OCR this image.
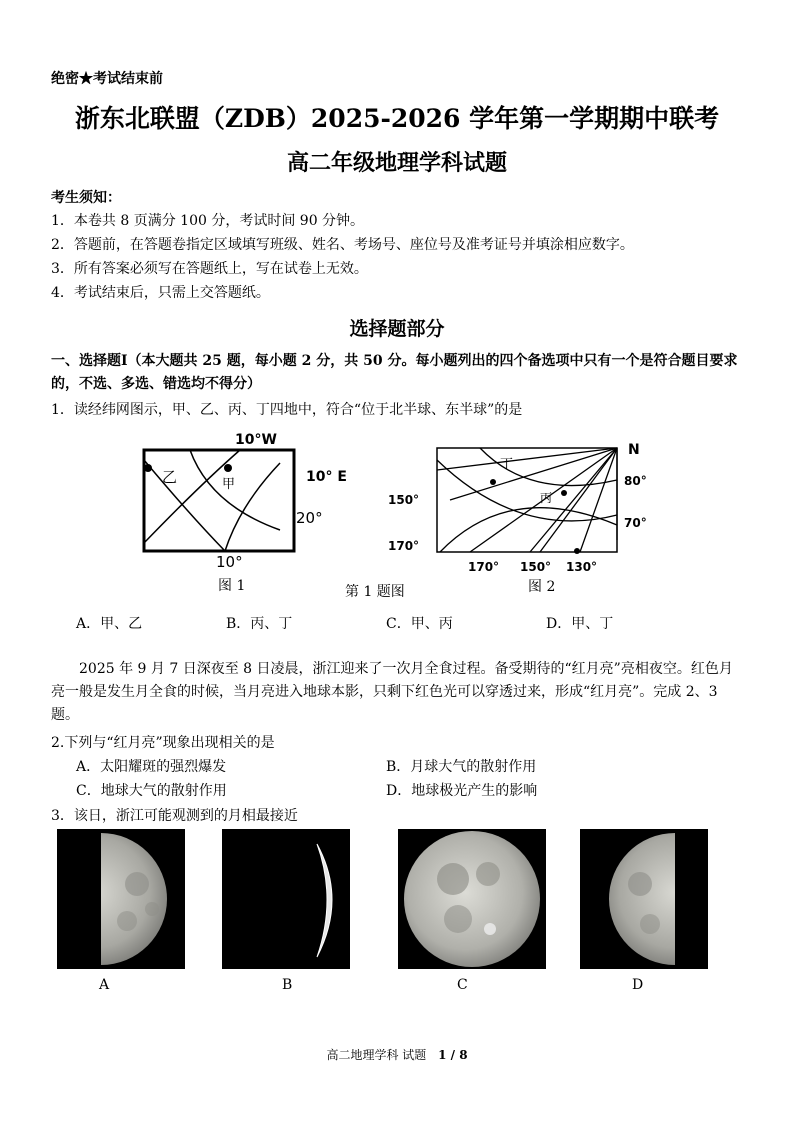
绝密★考试结束前
浙东北联盟（ZDB）2025-2026 学年第一学期期中联考
高二年级地理学科试题
考生须知：
1．本卷共 8 页满分 100 分，考试时间 90 分钟。
2．答题前，在答题卷指定区域填写班级、姓名、考场号、座位号及准考证号并填涂相应数字。
3．所有答案必须写在答题纸上，写在试卷上无效。
4．考试结束后，只需上交答题纸。
选择题部分
一、选择题Ⅰ（本大题共 25 题，每小题 2 分，共 50 分。每小题列出的四个备选项中只有一个是符合题目要求的，不选、多选、错选均不得分）
1．读经纬网图示，甲、乙、丙、丁四地中，符合“位于北半球、东半球”的是
10°W
10° E
20°
10°
乙	甲
图 1
N
80°
70°
150°
170°
170° 150° 130°
丁
丙
图 2
第 1 题图
A．甲、乙	B．丙、丁	C．甲、丙	D．甲、丁
2025 年 9 月 7 日深夜至 8 日凌晨，浙江迎来了一次月全食过程。备受期待的“红月亮”亮相夜空。红色月亮一般是发生月全食的时候，当月亮进入地球本影，只剩下红色光可以穿透过来，形成“红月亮”。完成 2、3 题。
2.下列与“红月亮”现象出现相关的是
A．太阳耀斑的强烈爆发	B．月球大气的散射作用
C．地球大气的散射作用	D．地球极光产生的影响
3．该日，浙江可能观测到的月相最接近
A	B	C	D
高二地理学科 试题 1 / 8
